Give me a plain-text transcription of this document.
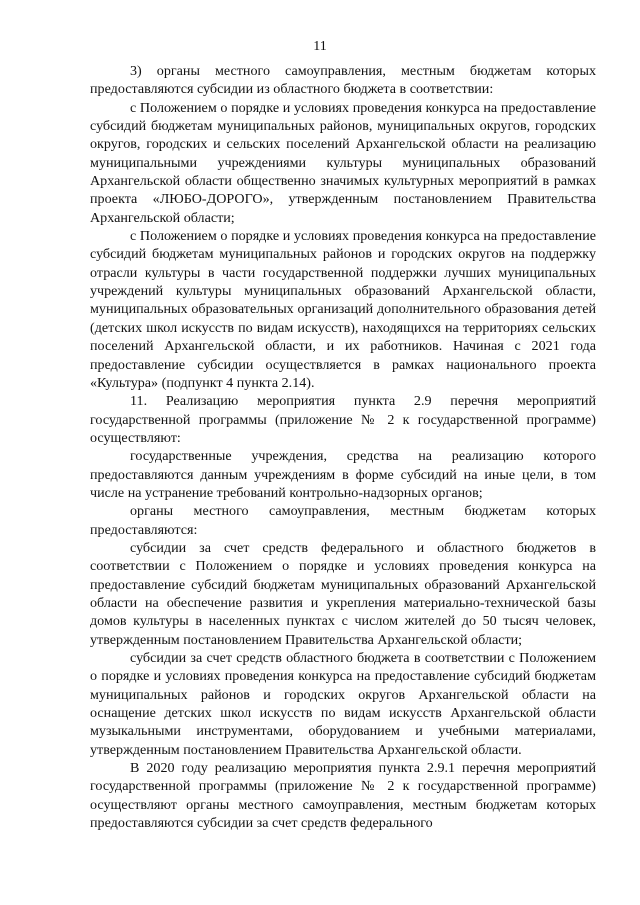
11

3) органы местного самоуправления, местным бюджетам которых предоставляются субсидии из областного бюджета в соответствии:

с Положением о порядке и условиях проведения конкурса на предоставление субсидий бюджетам муниципальных районов, муниципальных округов, городских округов, городских и сельских поселений Архангельской области на реализацию муниципальными учреждениями культуры муниципальных образований Архангельской области общественно значимых культурных мероприятий в рамках проекта «ЛЮБО-ДОРОГО», утвержденным постановлением Правительства Архангельской области;

с Положением о порядке и условиях проведения конкурса на предоставление субсидий бюджетам муниципальных районов и городских округов на поддержку отрасли культуры в части государственной поддержки лучших муниципальных учреждений культуры муниципальных образований Архангельской области, муниципальных образовательных организаций дополнительного образования детей (детских школ искусств по видам искусств), находящихся на территориях сельских поселений Архангельской области, и их работников. Начиная с 2021 года предоставление субсидии осуществляется в рамках национального проекта «Культура» (подпункт 4 пункта 2.14).

11. Реализацию мероприятия пункта 2.9 перечня мероприятий государственной программы (приложение № 2 к государственной программе) осуществляют:

государственные учреждения, средства на реализацию которого предоставляются данным учреждениям в форме субсидий на иные цели, в том числе на устранение требований контрольно-надзорных органов;

органы местного самоуправления, местным бюджетам которых предоставляются:

субсидии за счет средств федерального и областного бюджетов в соответствии с Положением о порядке и условиях проведения конкурса на предоставление субсидий бюджетам муниципальных образований Архангельской области на обеспечение развития и укрепления материально-технической базы домов культуры в населенных пунктах с числом жителей до 50 тысяч человек, утвержденным постановлением Правительства Архангельской области;

субсидии за счет средств областного бюджета в соответствии с Положением о порядке и условиях проведения конкурса на предоставление субсидий бюджетам муниципальных районов и городских округов Архангельской области на оснащение детских школ искусств по видам искусств Архангельской области музыкальными инструментами, оборудованием и учебными материалами, утвержденным постановлением Правительства Архангельской области.

В 2020 году реализацию мероприятия пункта 2.9.1 перечня мероприятий государственной программы (приложение № 2 к государственной программе) осуществляют органы местного самоуправления, местным бюджетам которых предоставляются субсидии за счет средств федерального
